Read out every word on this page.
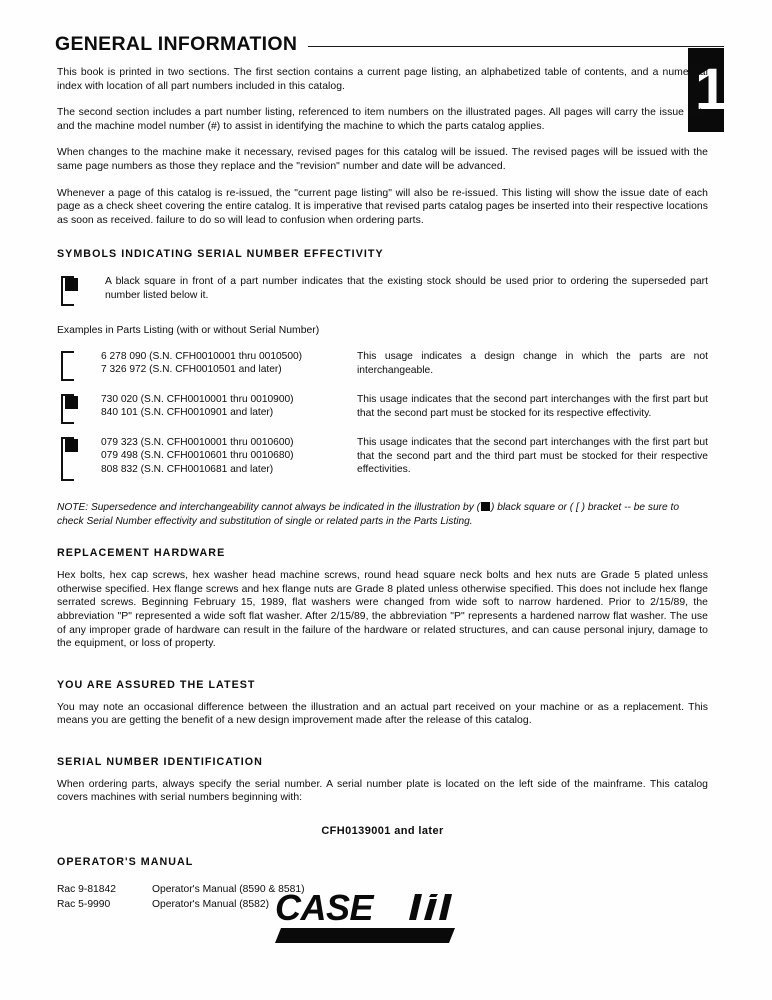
GENERAL INFORMATION
1

This book is printed in two sections. The first section contains a current page listing, an alphabetized table of contents, and a numerical index with location of all part numbers included in this catalog.

The second section includes a part number listing, referenced to item numbers on the illustrated pages. All pages will carry the issue date and the machine model number (#) to assist in identifying the machine to which the parts catalog applies.

When changes to the machine make it necessary, revised pages for this catalog will be issued. The revised pages will be issued with the same page numbers as those they replace and the "revision" number and date will be advanced.

Whenever a page of this catalog is re-issued, the "current page listing" will also be re-issued. This listing will show the issue date of each page as a check sheet covering the entire catalog. It is imperative that revised parts catalog pages be inserted into their respective locations as soon as received. failure to do so will lead to confusion when ordering parts.

SYMBOLS INDICATING SERIAL NUMBER EFFECTIVITY
A black square in front of a part number indicates that the existing stock should be used prior to ordering the superseded part number listed below it.
Examples in Parts Listing (with or without Serial Number)
6 278 090 (S.N. CFH0010001 thru 0010500)
7 326 972 (S.N. CFH0010501 and later)
This usage indicates a design change in which the parts are not interchangeable.
730 020 (S.N. CFH0010001 thru 0010900)
840 101 (S.N. CFH0010901 and later)
This usage indicates that the second part interchanges with the first part but that the second part must be stocked for its respective effectivity.
079 323 (S.N. CFH0010001 thru 0010600)
079 498 (S.N. CFH0010601 thru 0010680)
808 832 (S.N. CFH0010681 and later)
This usage indicates that the second part interchanges with the first part but that the second part and the third part must be stocked for their respective effectivities.
NOTE: Supersedence and interchangeability cannot always be indicated in the illustration by ( ) black square or ( [ ) bracket -- be sure to check Serial Number effectivity and substitution of single or related parts in the Parts Listing.
REPLACEMENT HARDWARE

Hex bolts, hex cap screws, hex washer head machine screws, round head square neck bolts and hex nuts are Grade 5 plated unless otherwise specified. Hex flange screws and hex flange nuts are Grade 8 plated unless otherwise specified. This does not include hex flange serrated screws. Beginning February 15, 1989, flat washers were changed from wide soft to narrow hardened. Prior to 2/15/89, the abbreviation "P" represented a wide soft flat washer. After 2/15/89, the abbreviation "P" represents a hardened narrow flat washer. The use of any improper grade of hardware can result in the failure of the hardware or related structures, and can cause personal injury, damage to the equipment, or loss of property.

YOU ARE ASSURED THE LATEST

You may note an occasional difference between the illustration and an actual part received on your machine or as a replacement. This means you are getting the benefit of a new design improvement made after the release of this catalog.

SERIAL NUMBER IDENTIFICATION

When ordering parts, always specify the serial number. A serial number plate is located on the left side of the mainframe. This catalog covers machines with serial numbers beginning with:

CFH0139001 and later
OPERATOR'S MANUAL
Rac 9-81842	Operator's Manual (8590 & 8581)
Rac 5-9990	Operator's Manual (8582) CASE
